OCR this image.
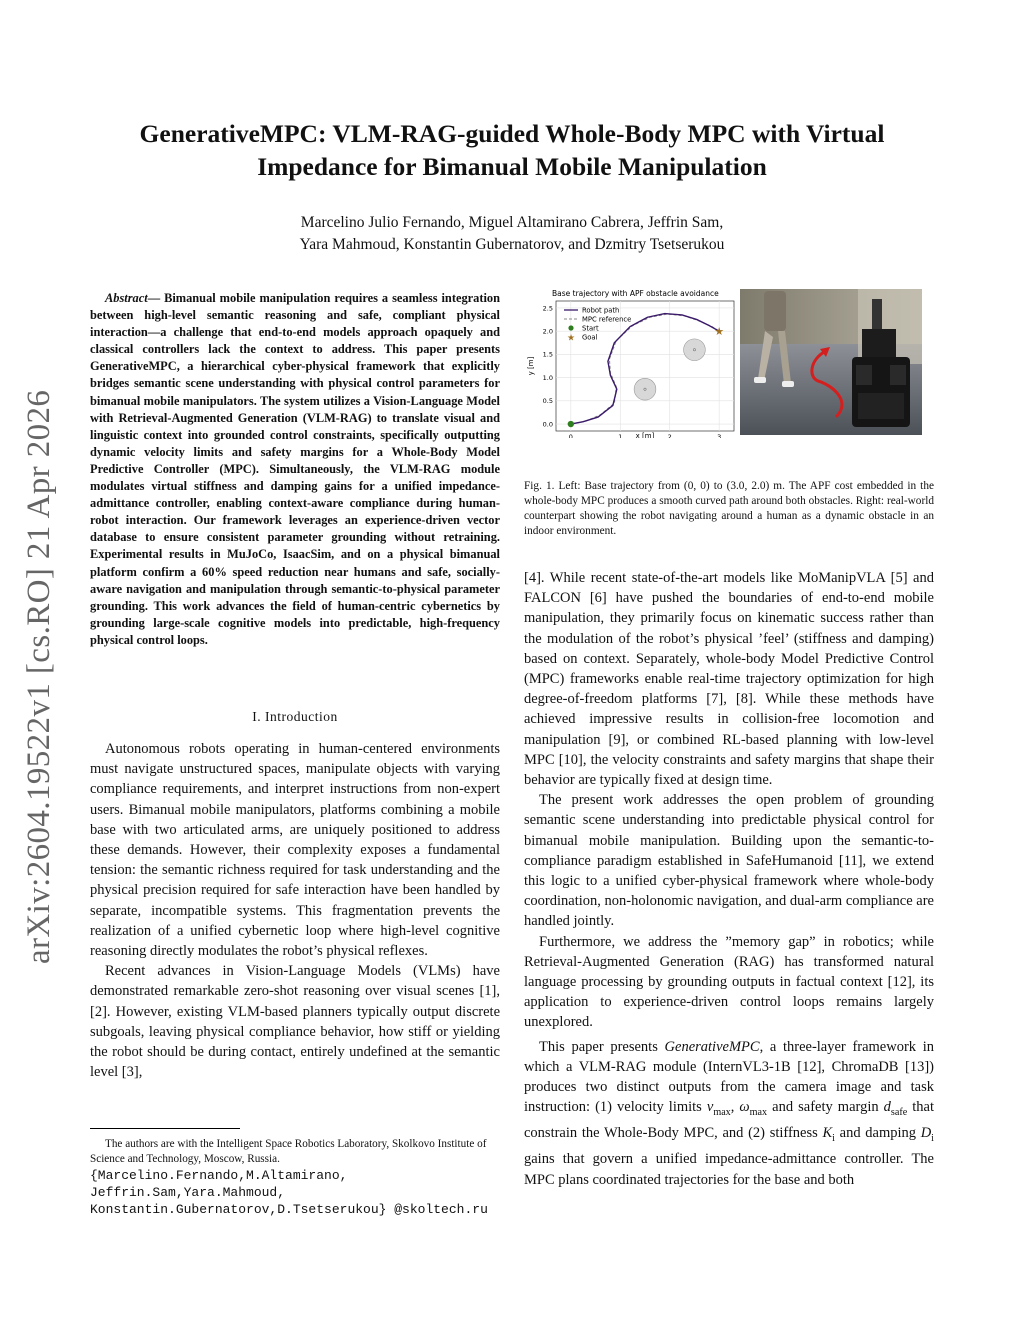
GenerativeMPC: VLM-RAG-guided Whole-Body MPC with Virtual Impedance for Bimanual Mobile Manipulation
Marcelino Julio Fernando, Miguel Altamirano Cabrera, Jeffrin Sam,
Yara Mahmoud, Konstantin Gubernatorov, and Dzmitry Tsetserukou
arXiv:2604.19522v1 [cs.RO] 21 Apr 2026

Abstract— Bimanual mobile manipulation requires a seamless integration between high-level semantic reasoning and safe, compliant physical interaction—a challenge that end-to-end models approach opaquely and classical controllers lack the context to address. This paper presents GenerativeMPC, a hierarchical cyber-physical framework that explicitly bridges semantic scene understanding with physical control parameters for bimanual mobile manipulators. The system utilizes a Vision-Language Model with Retrieval-Augmented Generation (VLM-RAG) to translate visual and linguistic context into grounded control constraints, specifically outputting dynamic velocity limits and safety margins for a Whole-Body Model Predictive Controller (MPC). Simultaneously, the VLM-RAG module modulates virtual stiffness and damping gains for a unified impedance-admittance controller, enabling context-aware compliance during human-robot interaction. Our framework leverages an experience-driven vector database to ensure consistent parameter grounding without retraining. Experimental results in MuJoCo, IsaacSim, and on a physical bimanual platform confirm a 60% speed reduction near humans and safe, socially-aware navigation and manipulation through semantic-to-physical parameter grounding. This work advances the field of human-centric cybernetics by grounding large-scale cognitive models into predictable, high-frequency physical control loops.

I. Introduction

Autonomous robots operating in human-centered environments must navigate unstructured spaces, manipulate objects with varying compliance requirements, and interpret instructions from non-expert users. Bimanual mobile manipulators, platforms combining a mobile base with two articulated arms, are uniquely positioned to address these demands. However, their complexity exposes a fundamental tension: the semantic richness required for task understanding and the physical precision required for safe interaction have been handled by separate, incompatible systems. This fragmentation prevents the realization of a unified cybernetic loop where high-level cognitive reasoning directly modulates the robot’s physical reflexes.

Recent advances in Vision-Language Models (VLMs) have demonstrated remarkable zero-shot reasoning over visual scenes [1], [2]. However, existing VLM-based planners typically output discrete subgoals, leaving physical compliance behavior, how stiff or yielding the robot should be during contact, entirely undefined at the semantic level [3],

The authors are with the Intelligent Space Robotics Laboratory, Skolkovo Institute of Science and Technology, Moscow, Russia.
{Marcelino.Fernando,M.Altamirano, Jeffrin.Sam,Yara.Mahmoud, Konstantin.Gubernatorov,D.Tsetserukou} @skoltech.ru
Base trajectory with APF obstacle avoidance
0	1	2	3
0.0
0.5
1.0
1.5
2.0
2.5
★
Robot path
MPC reference
Start
★ Goal
x [m]
y [m]
Fig. 1. Left: Base trajectory from (0, 0) to (3.0, 2.0) m. The APF cost embedded in the whole-body MPC produces a smooth curved path around both obstacles. Right: real-world counterpart showing the robot navigating around a human as a dynamic obstacle in an indoor environment.

[4]. While recent state-of-the-art models like MoManipVLA [5] and FALCON [6] have pushed the boundaries of end-to-end mobile manipulation, they primarily focus on kinematic success rather than the modulation of the robot’s physical ’feel’ (stiffness and damping) based on context. Separately, whole-body Model Predictive Control (MPC) frameworks enable real-time trajectory optimization for high degree-of-freedom platforms [7], [8]. While these methods have achieved impressive results in collision-free locomotion and manipulation [9], or combined RL-based planning with low-level MPC [10], the velocity constraints and safety margins that shape their behavior are typically fixed at design time.

The present work addresses the open problem of grounding semantic scene understanding into predictable physical control for bimanual mobile manipulation. Building upon the semantic-to-compliance paradigm established in SafeHumanoid [11], we extend this logic to a unified cyber-physical framework where whole-body coordination, non-holonomic navigation, and dual-arm compliance are handled jointly.

Furthermore, we address the ”memory gap” in robotics; while Retrieval-Augmented Generation (RAG) has transformed natural language processing by grounding outputs in factual context [12], its application to experience-driven control loops remains largely unexplored.

This paper presents GenerativeMPC, a three-layer framework in which a VLM-RAG module (InternVL3-1B [12], ChromaDB [13]) produces two distinct outputs from the camera image and task instruction: (1) velocity limits $v_{max}$, $\omega_{max}$ and safety margin $d_{safe}$ that constrain the Whole-Body MPC, and (2) stiffness $K_i$ and damping $D_i$ gains that govern a unified impedance-admittance controller. The MPC plans coordinated trajectories for the base and both
